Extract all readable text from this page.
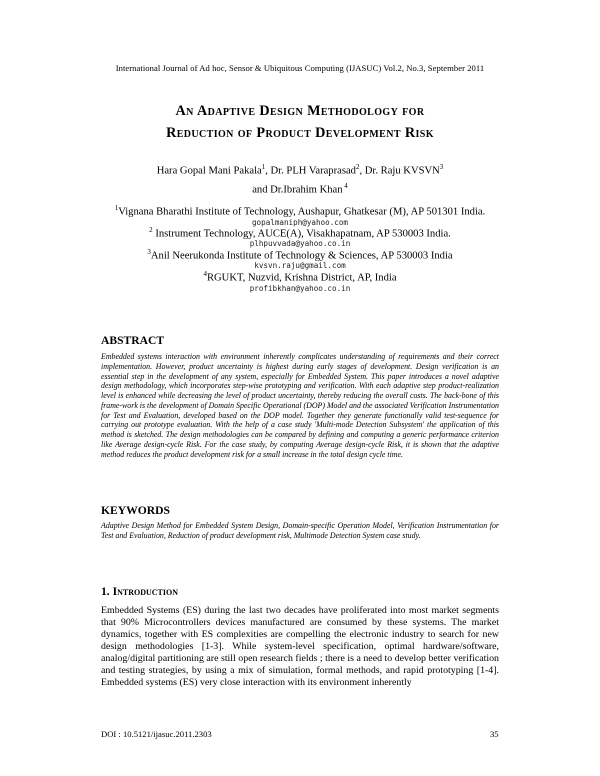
International Journal of Ad hoc, Sensor & Ubiquitous Computing (IJASUC) Vol.2, No.3, September 2011
An Adaptive Design Methodology for
Reduction of Product Development Risk
Hara Gopal Mani Pakala$^1$, Dr. PLH Varaprasad$^2$, Dr. Raju KVSVN$^3$
and Dr.Ibrahim Khan $^4$
$^1$Vignana Bharathi Institute of Technology, Aushapur, Ghatkesar (M), AP 501301 India.
gopalmaniph@yahoo.com
$^2$ Instrument Technology, AUCE(A), Visakhapatnam, AP 530003 India.
plhpuvvada@yahoo.co.in
$^3$Anil Neerukonda Institute of Technology & Sciences, AP 530003 India
kvsvn.raju@gmail.com
$^4$RGUKT, Nuzvid, Krishna District, AP, India
profibkhan@yahoo.co.in
ABSTRACT
Embedded systems interaction with environment inherently complicates understanding of requirements and their correct implementation. However, product uncertainty is highest during early stages of development. Design verification is an essential step in the development of any system, especially for Embedded System. This paper introduces a novel adaptive design methodology, which incorporates step-wise prototyping and verification. With each adaptive step product-realization level is enhanced while decreasing the level of product uncertainty, thereby reducing the overall costs. The back-bone of this frame-work is the development of Domain Specific Operational (DOP) Model and the associated Verification Instrumentation for Test and Evaluation, developed based on the DOP model. Together they generate functionally valid test-sequence for carrying out prototype evaluation. With the help of a case study 'Multi-mode Detection Subsystem' the application of this method is sketched. The design methodologies can be compared by defining and computing a generic performance criterion like Average design-cycle Risk. For the case study, by computing Average design-cycle Risk, it is shown that the adaptive method reduces the product development risk for a small increase in the total design cycle time.
KEYWORDS
Adaptive Design Method for Embedded System Design, Domain-specific Operation Model, Verification Instrumentation for Test and Evaluation, Reduction of product development risk, Multimode Detection System case study.
1. Introduction
Embedded Systems (ES) during the last two decades have proliferated into most market segments that 90% Microcontrollers devices manufactured are consumed by these systems. The market dynamics, together with ES complexities are compelling the electronic industry to search for new design methodologies [1-3]. While system-level specification, optimal hardware/software, analog/digital partitioning are still open research fields ; there is a need to develop better verification and testing strategies, by using a mix of simulation, formal methods, and rapid prototyping [1-4]. Embedded systems (ES) very close interaction with its environment inherently
DOI : 10.5121/ijasuc.2011.2303	35
